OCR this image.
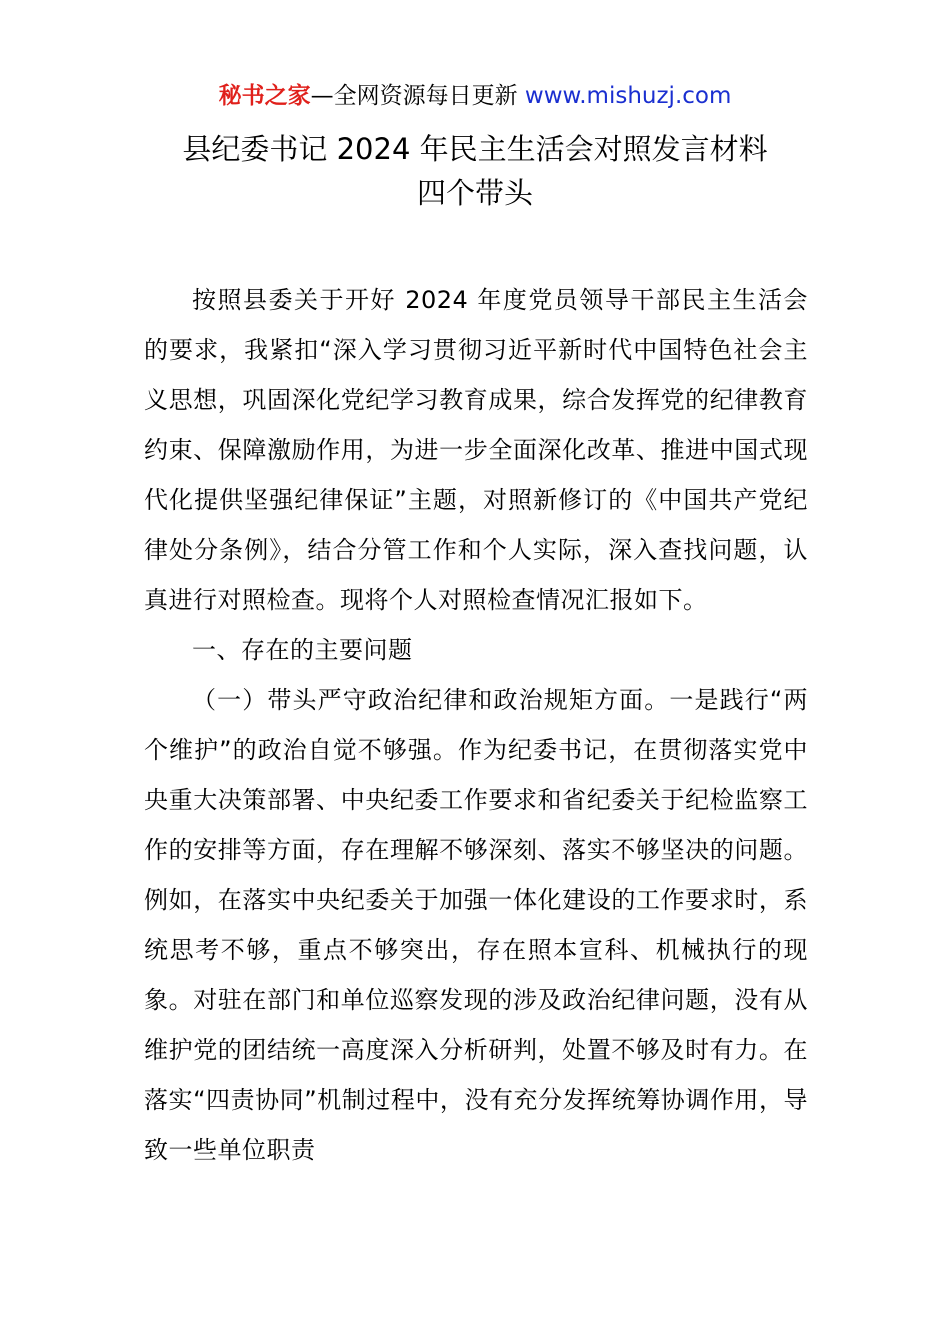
秘书之家—全网资源每日更新 www.mishuzj.com
县纪委书记 2024 年民主生活会对照发言材料
四个带头

按照县委关于开好 2024 年度党员领导干部民主生活会的要求，我紧扣“深入学习贯彻习近平新时代中国特色社会主义思想，巩固深化党纪学习教育成果，综合发挥党的纪律教育约束、保障激励作用，为进一步全面深化改革、推进中国式现代化提供坚强纪律保证”主题，对照新修订的《中国共产党纪律处分条例》，结合分管工作和个人实际，深入查找问题，认真进行对照检查。现将个人对照检查情况汇报如下。

一、存在的主要问题

（一）带头严守政治纪律和政治规矩方面。一是践行“两个维护”的政治自觉不够强。作为纪委书记，在贯彻落实党中央重大决策部署、中央纪委工作要求和省纪委关于纪检监察工作的安排等方面，存在理解不够深刻、落实不够坚决的问题。例如，在落实中央纪委关于加强一体化建设的工作要求时，系统思考不够，重点不够突出，存在照本宣科、机械执行的现象。对驻在部门和单位巡察发现的涉及政治纪律问题，没有从维护党的团结统一高度深入分析研判，处置不够及时有力。在落实“四责协同”机制过程中，没有充分发挥统筹协调作用，导致一些单位职责
